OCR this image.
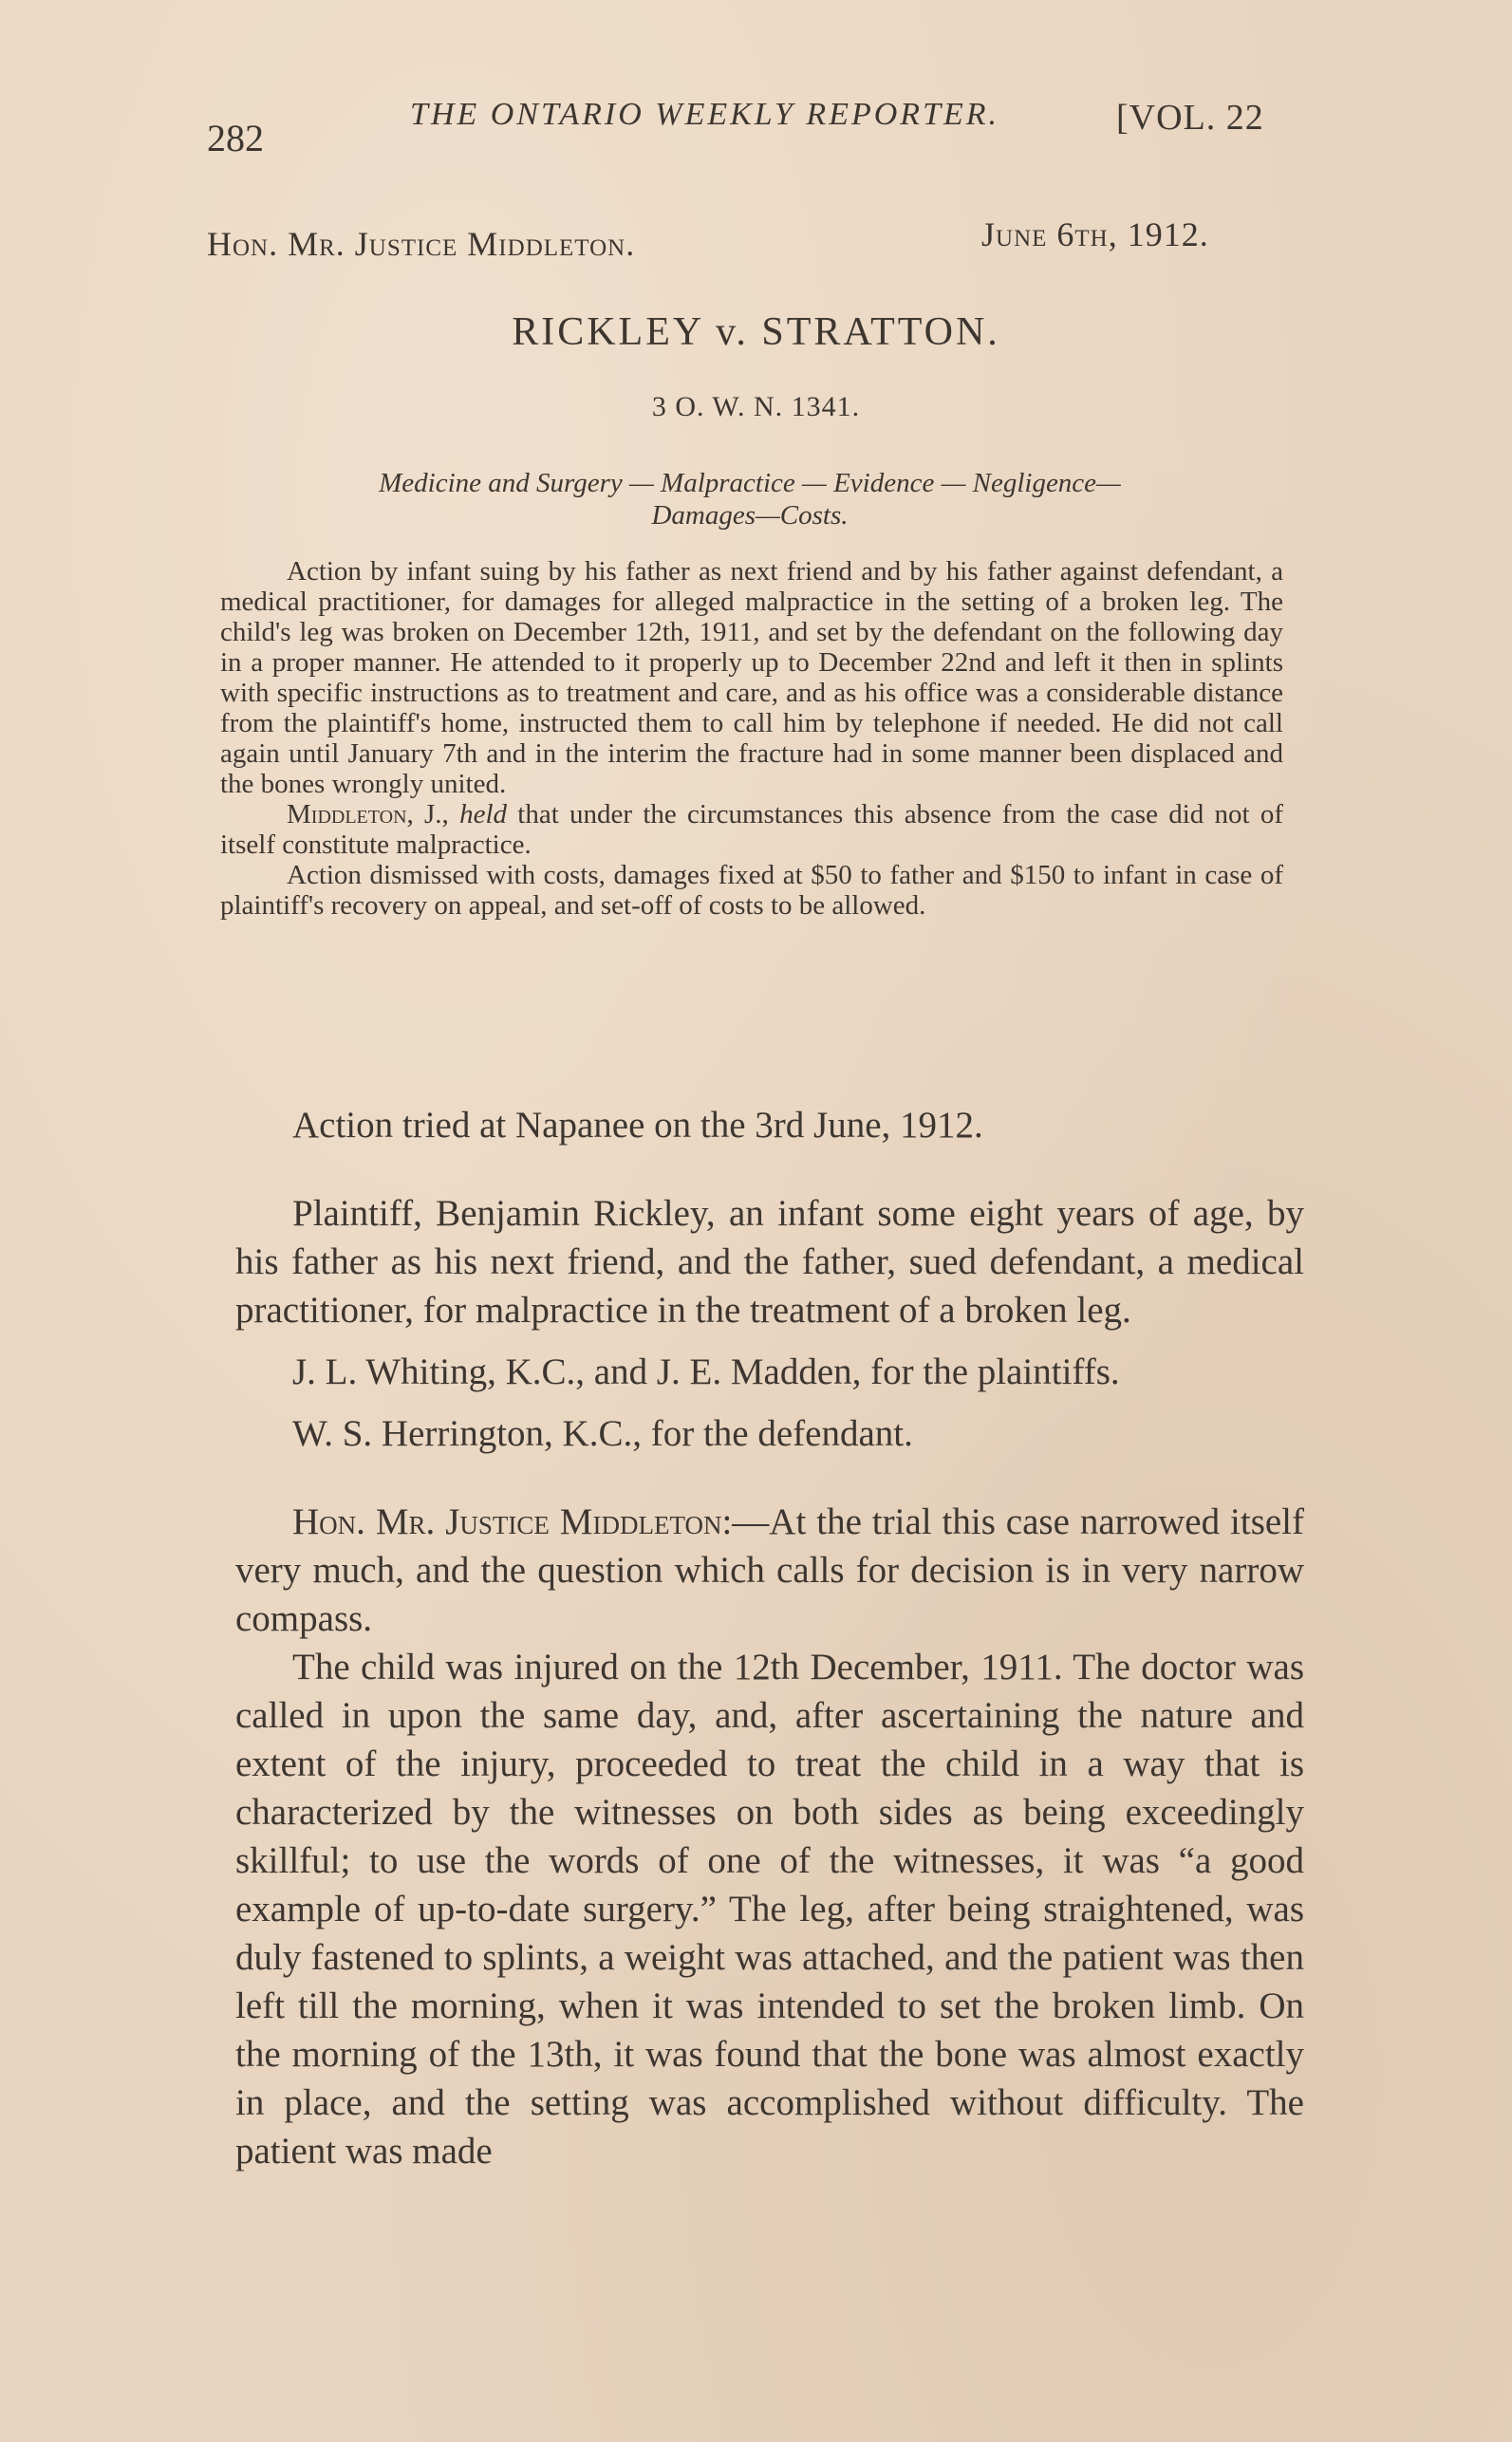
282
THE ONTARIO WEEKLY REPORTER.	[VOL. 22
Hon. Mr. Justice Middleton.	June 6th, 1912.
RICKLEY v. STRATTON.
3 O. W. N. 1341.
Medicine and Surgery — Malpractice — Evidence — Negligence—
Damages—Costs.

Action by infant suing by his father as next friend and by his father against defendant, a medical practitioner, for damages for alleged malpractice in the setting of a broken leg. The child's leg was broken on December 12th, 1911, and set by the defendant on the following day in a proper manner. He attended to it properly up to December 22nd and left it then in splints with specific instructions as to treatment and care, and as his office was a considerable distance from the plaintiff's home, instructed them to call him by telephone if needed. He did not call again until January 7th and in the interim the fracture had in some manner been displaced and the bones wrongly united.

Middleton, J., held that under the circumstances this absence from the case did not of itself constitute malpractice.

Action dismissed with costs, damages fixed at $50 to father and $150 to infant in case of plaintiff's recovery on appeal, and set-off of costs to be allowed.

Action tried at Napanee on the 3rd June, 1912.

Plaintiff, Benjamin Rickley, an infant some eight years of age, by his father as his next friend, and the father, sued defendant, a medical practitioner, for malpractice in the treatment of a broken leg.

J. L. Whiting, K.C., and J. E. Madden, for the plaintiffs.

W. S. Herrington, K.C., for the defendant.

Hon. Mr. Justice Middleton:—At the trial this case narrowed itself very much, and the question which calls for decision is in very narrow compass.

The child was injured on the 12th December, 1911. The doctor was called in upon the same day, and, after ascertaining the nature and extent of the injury, proceeded to treat the child in a way that is characterized by the witnesses on both sides as being exceedingly skillful; to use the words of one of the witnesses, it was “a good example of up-to-date surgery.” The leg, after being straightened, was duly fastened to splints, a weight was attached, and the patient was then left till the morning, when it was intended to set the broken limb. On the morning of the 13th, it was found that the bone was almost exactly in place, and the setting was accomplished without difficulty. The patient was made
